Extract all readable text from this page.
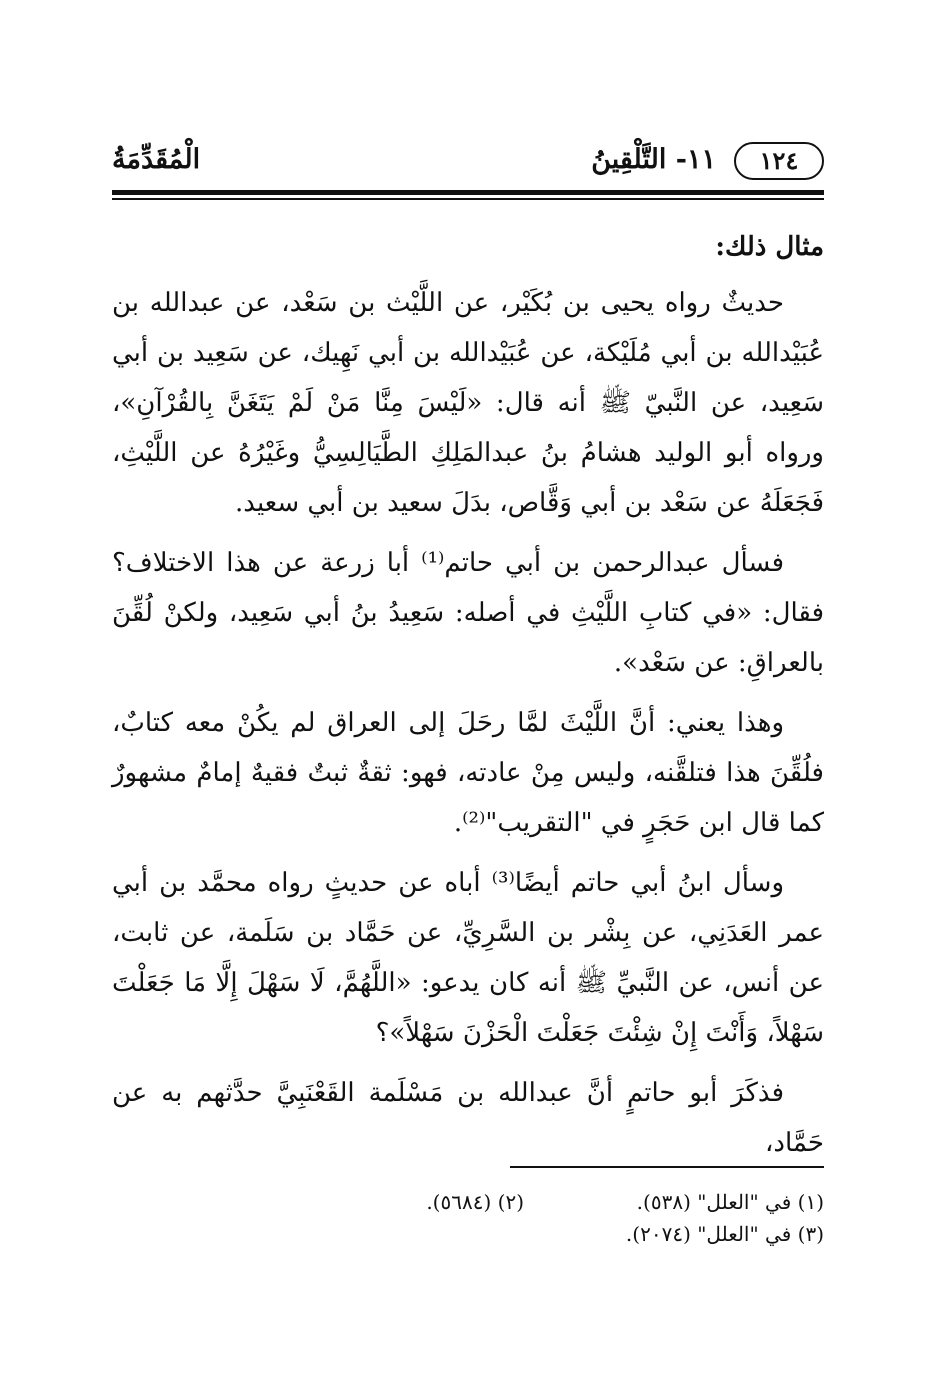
١٢٤
١١- التَّلْقِينُ
الْمُقَدِّمَةُ

مثال ذلك:

حديثٌ رواه يحيى بن بُكَيْر، عن اللَّيْث بن سَعْد، عن عبدالله بن عُبَيْدالله بن أبي مُلَيْكة، عن عُبَيْدالله بن أبي نَهِيك، عن سَعِيد بن أبي سَعِيد، عن النَّبيّ ﷺ أنه قال: «لَيْسَ مِنَّا مَنْ لَمْ يَتَغَنَّ بِالقُرْآنِ»، ورواه أبو الوليد هشامُ بنُ عبدالمَلِكِ الطَّيَالِسِيُّ وغَيْرُهُ عن اللَّيْثِ، فَجَعَلَهُ عن سَعْد بن أبي وَقَّاص، بدَلَ سعيد بن أبي سعيد.

فسأل عبدالرحمن بن أبي حاتم⁽¹⁾ أبا زرعة عن هذا الاختلاف؟ فقال: «في كتابِ اللَّيْثِ في أصله: سَعِيدُ بنُ أبي سَعِيد، ولكنْ لُقِّنَ بالعراقِ: عن سَعْد».

وهذا يعني: أنَّ اللَّيْثَ لمَّا رحَلَ إلى العراق لم يكُنْ معه كتابٌ، فلُقِّنَ هذا فتلقَّنه، وليس مِنْ عادته، فهو: ثقةٌ ثبتٌ فقيهٌ إمامٌ مشهورٌ كما قال ابن حَجَرٍ في "التقريب"⁽²⁾.

وسأل ابنُ أبي حاتم أيضًا⁽³⁾ أباه عن حديثٍ رواه محمَّد بن أبي عمر العَدَنِي، عن بِشْر بن السَّرِيِّ، عن حَمَّاد بن سَلَمة، عن ثابت، عن أنس، عن النَّبيِّ ﷺ أنه كان يدعو: «اللَّهُمَّ، لَا سَهْلَ إِلَّا مَا جَعَلْتَ سَهْلاً، وَأَنْتَ إِنْ شِئْتَ جَعَلْتَ الْحَزْنَ سَهْلاً»؟

فذكَرَ أبو حاتمٍ أنَّ عبدالله بن مَسْلَمة القَعْنَبِيَّ حدَّثهم به عن حَمَّاد،

(١) في "العلل" (٥٣٨).
(٢) (٥٦٨٤).
(٣) في "العلل" (٢٠٧٤).
